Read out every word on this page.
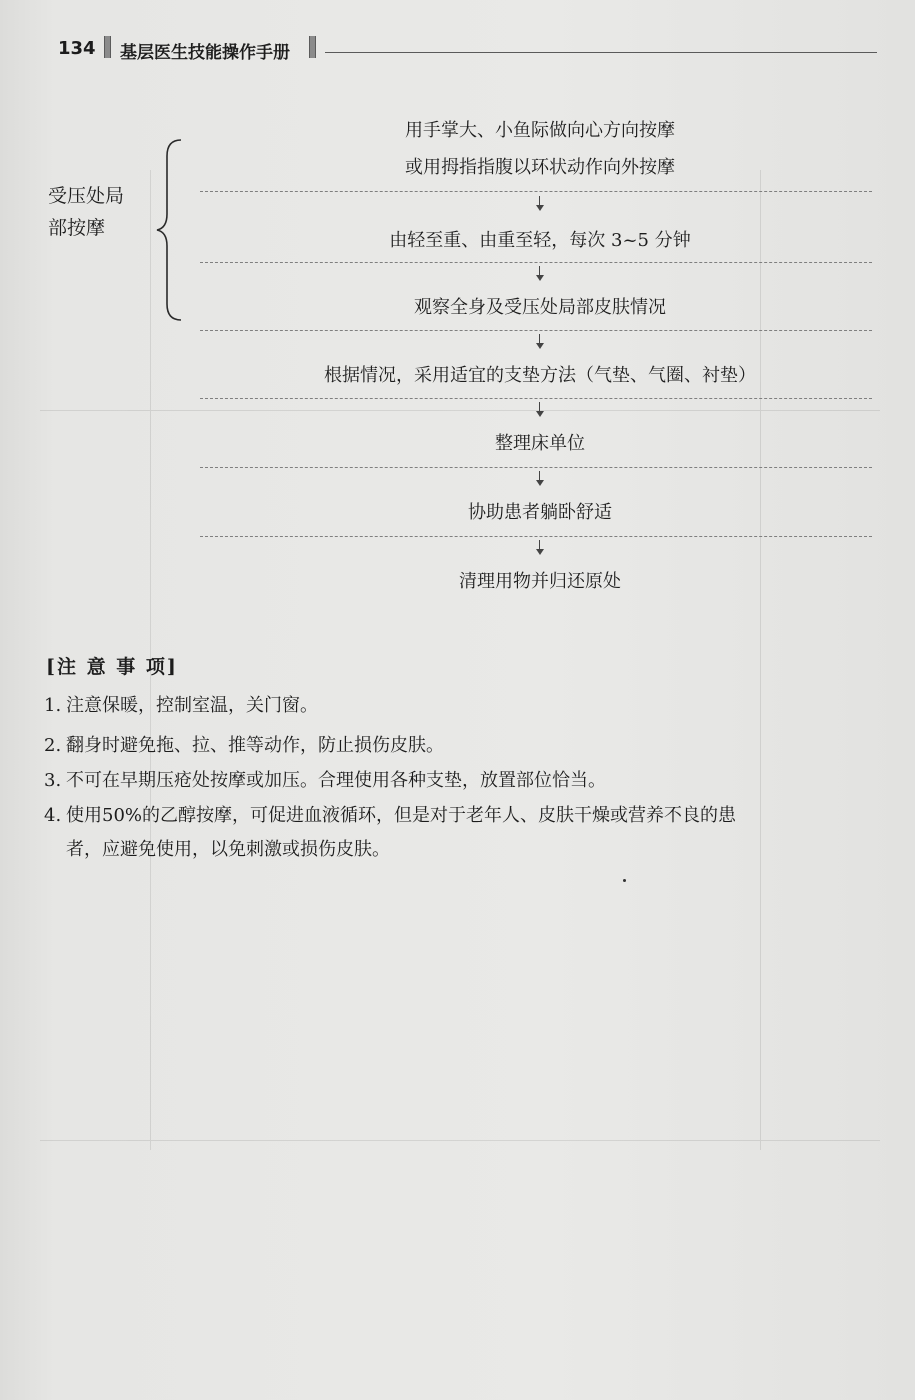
134 基层医生技能操作手册
受压处局
部按摩
用手掌大、小鱼际做向心方向按摩
或用拇指指腹以环状动作向外按摩
由轻至重、由重至轻，每次 3~5 分钟
观察全身及受压处局部皮肤情况
根据情况，采用适宜的支垫方法（气垫、气圈、衬垫）
整理床单位
协助患者躺卧舒适
清理用物并归还原处
[注 意 事 项]
1. 注意保暖，控制室温，关门窗。
2. 翻身时避免拖、拉、推等动作，防止损伤皮肤。
3. 不可在早期压疮处按摩或加压。合理使用各种支垫，放置部位恰当。
4. 使用50%的乙醇按摩，可促进血液循环，但是对于老年人、皮肤干燥或营养不良的患
者，应避免使用，以免刺激或损伤皮肤。
